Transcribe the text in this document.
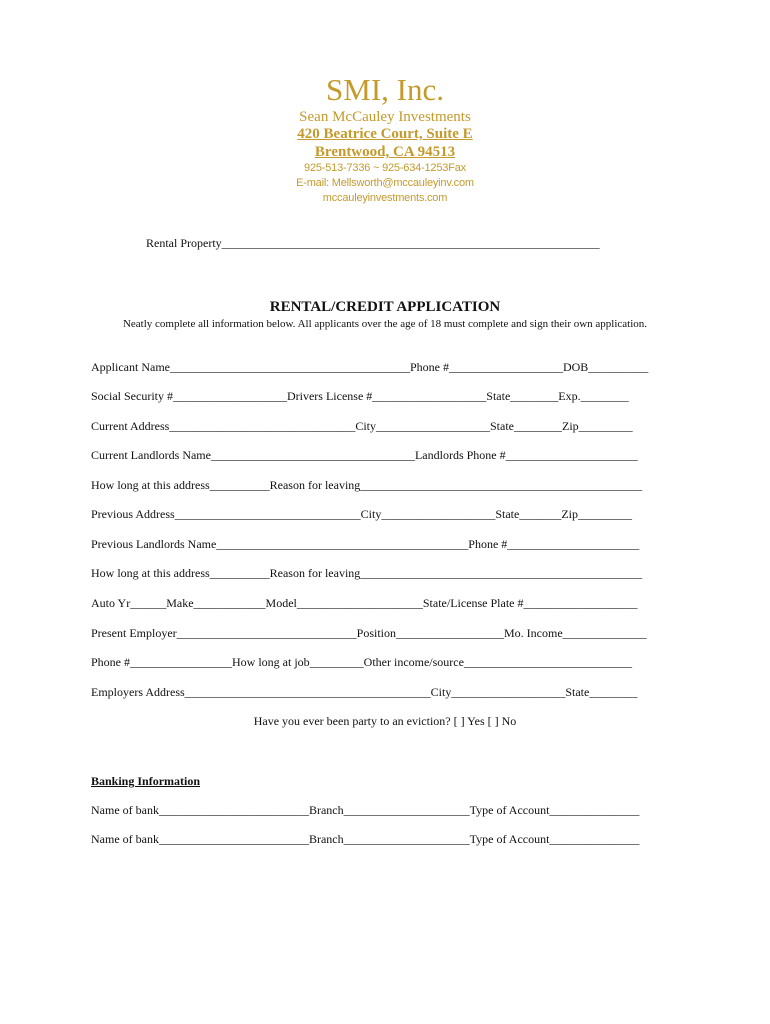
SMI, Inc.
Sean McCauley Investments
420 Beatrice Court, Suite E
Brentwood, CA 94513
925-513-7336 ~ 925-634-1253Fax
E-mail: Mellsworth@mccauleyinv.com
mccauleyinvestments.com
Rental Property_______________________________________________________________
RENTAL/CREDIT APPLICATION
Neatly complete all information below. All applicants over the age of 18 must complete and sign their own application.
Applicant Name________________________________________Phone #___________________DOB__________
Social Security #___________________Drivers License #___________________State________Exp.________
Current Address_______________________________City___________________State________Zip_________
Current Landlords Name__________________________________Landlords Phone #______________________
How long at this address__________Reason for leaving_______________________________________________
Previous Address_______________________________City___________________State_______Zip_________
Previous Landlords Name__________________________________________Phone #______________________
How long at this address__________Reason for leaving_______________________________________________
Auto Yr______Make____________Model_____________________State/License Plate #___________________
Present Employer______________________________Position__________________Mo. Income______________
Phone #_________________How long at job_________Other income/source____________________________
Employers Address_________________________________________City___________________State________
Have you ever been party to an eviction? [ ] Yes [ ] No
Banking Information
Name of bank_________________________Branch_____________________Type of Account_______________
Name of bank_________________________Branch_____________________Type of Account_______________
